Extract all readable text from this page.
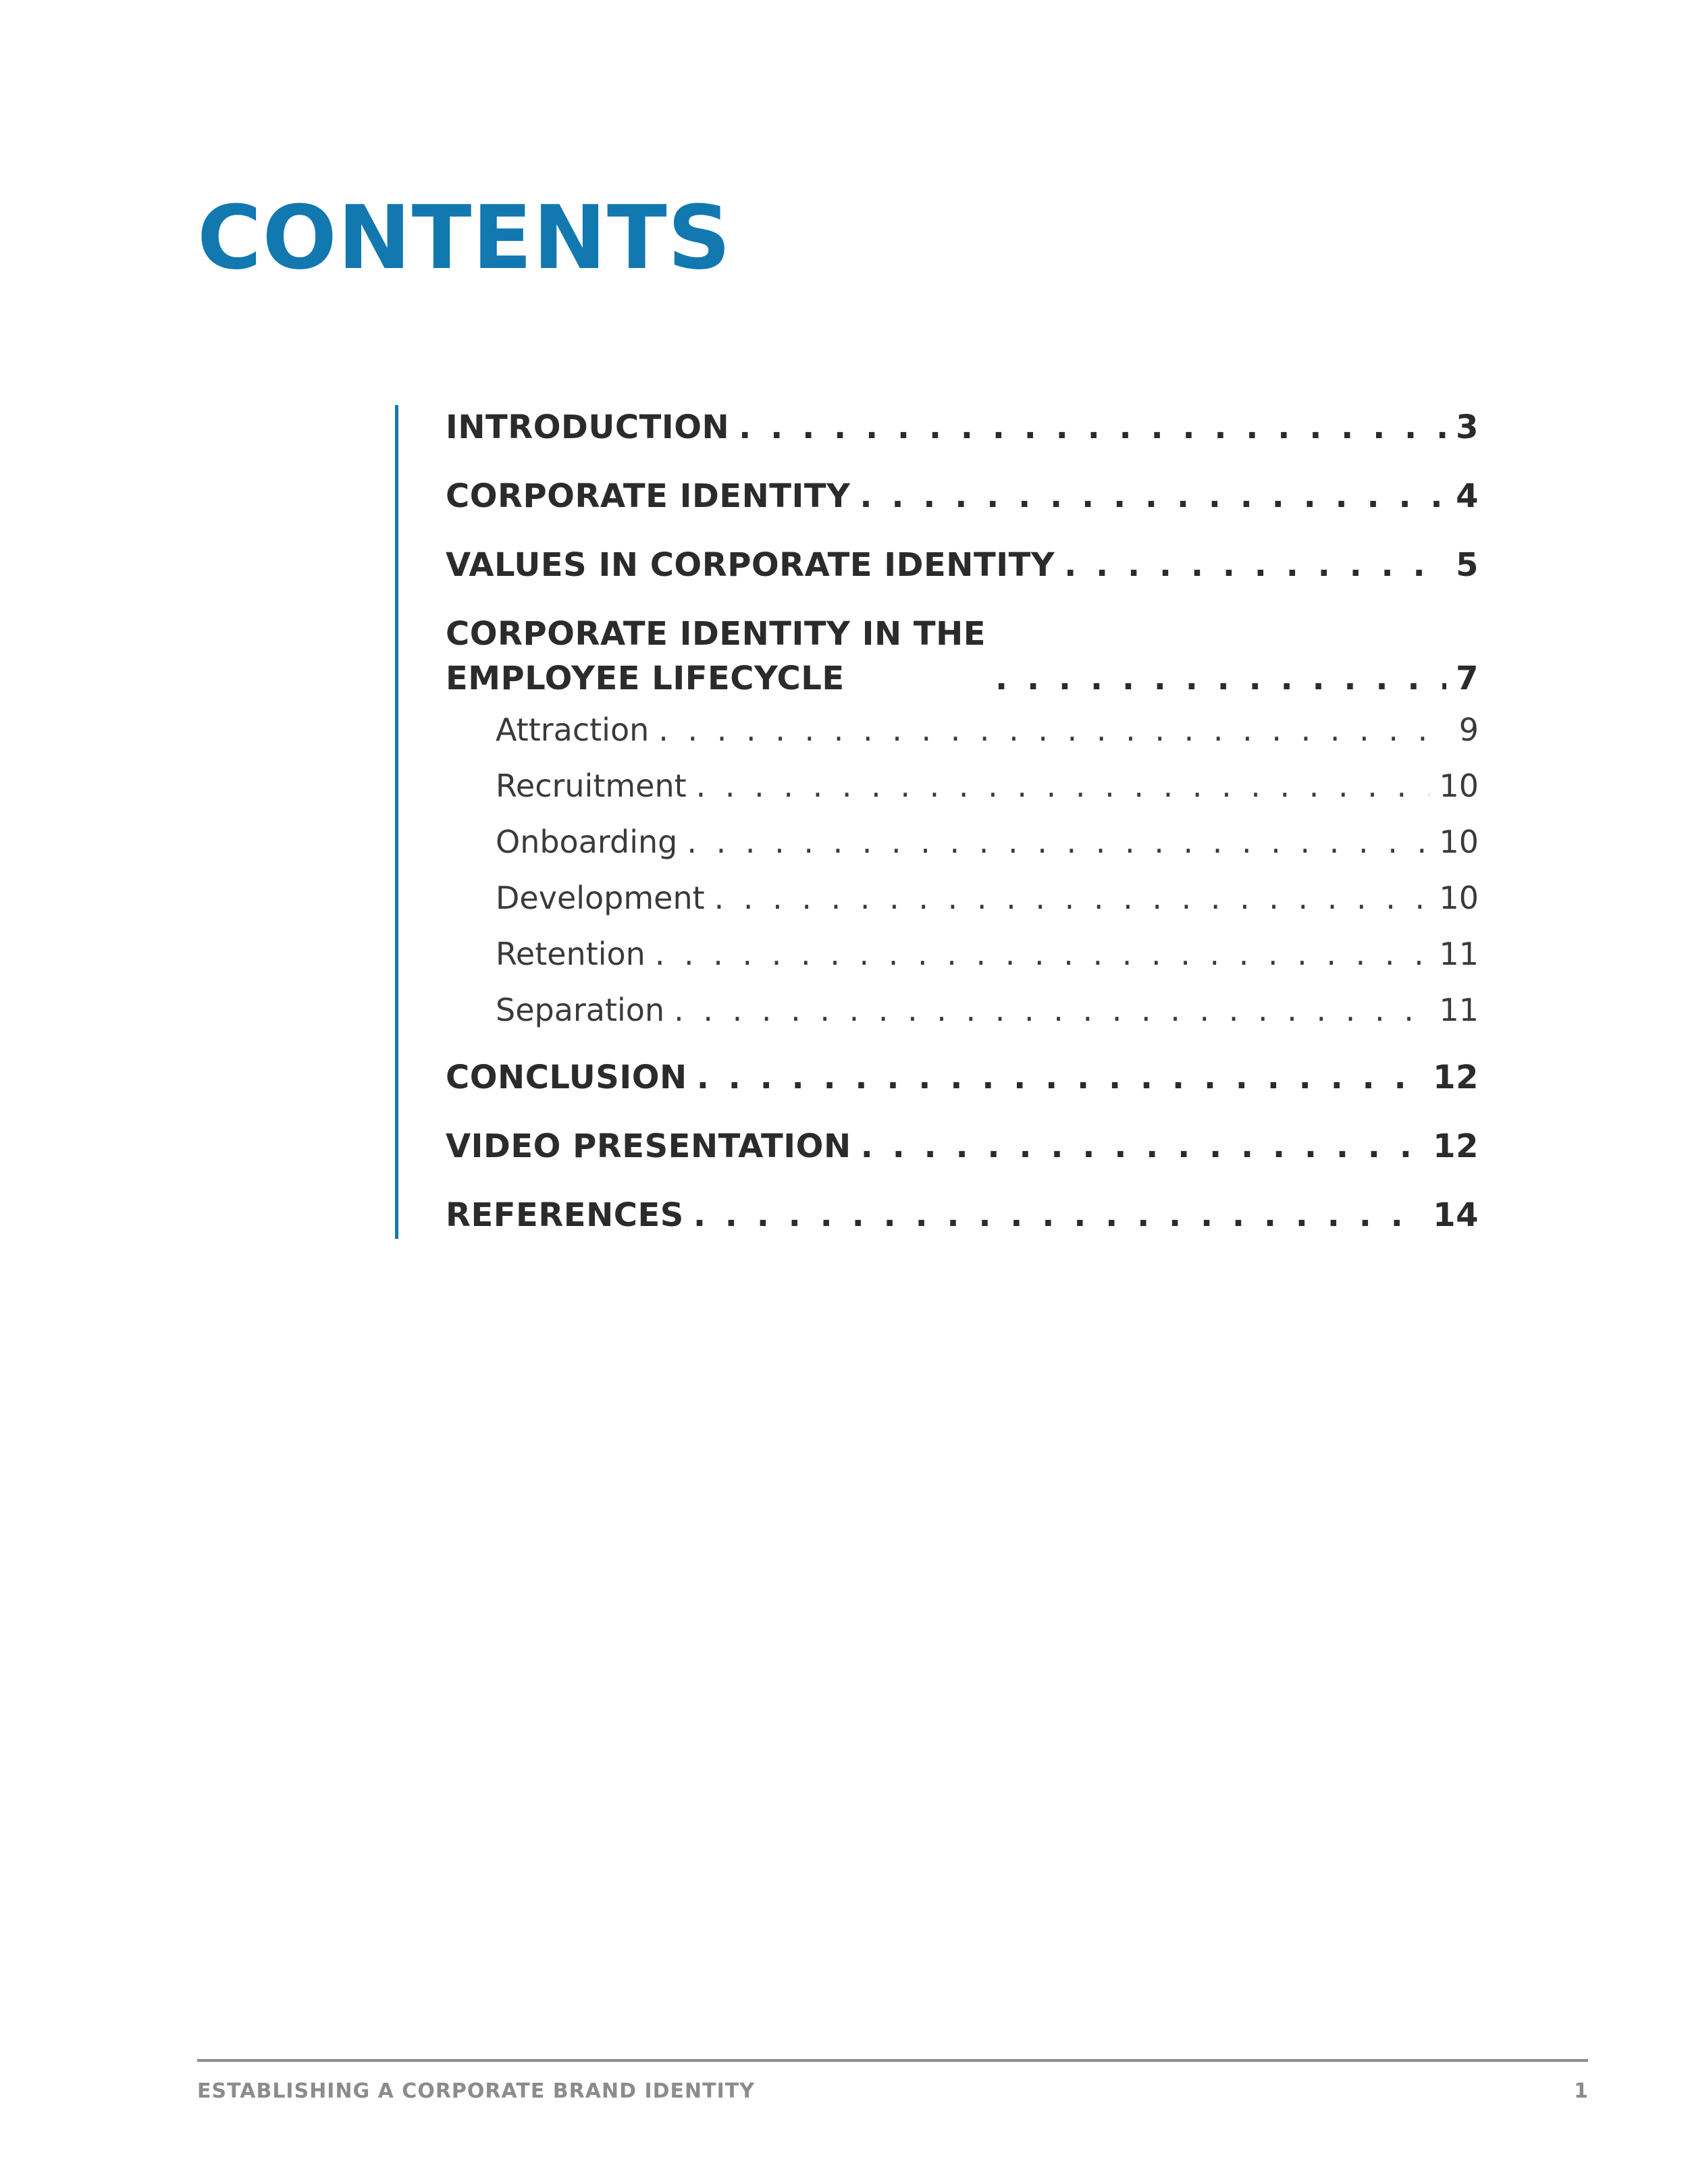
CONTENTS
INTRODUCTION . . .	3
CORPORATE IDENTITY . . .	4
VALUES IN CORPORATE IDENTITY . . .	5
CORPORATE IDENTITY IN THE
EMPLOYEE LIFECYCLE . . .	7
Attraction . . .	9
Recruitment . . .	10
Onboarding . . .	10
Development . . .	10
Retention . . .	11
Separation . . .	11
CONCLUSION . . .	12
VIDEO PRESENTATION . . .	12
REFERENCES . . .	14
ESTABLISHING A CORPORATE BRAND IDENTITY	1
